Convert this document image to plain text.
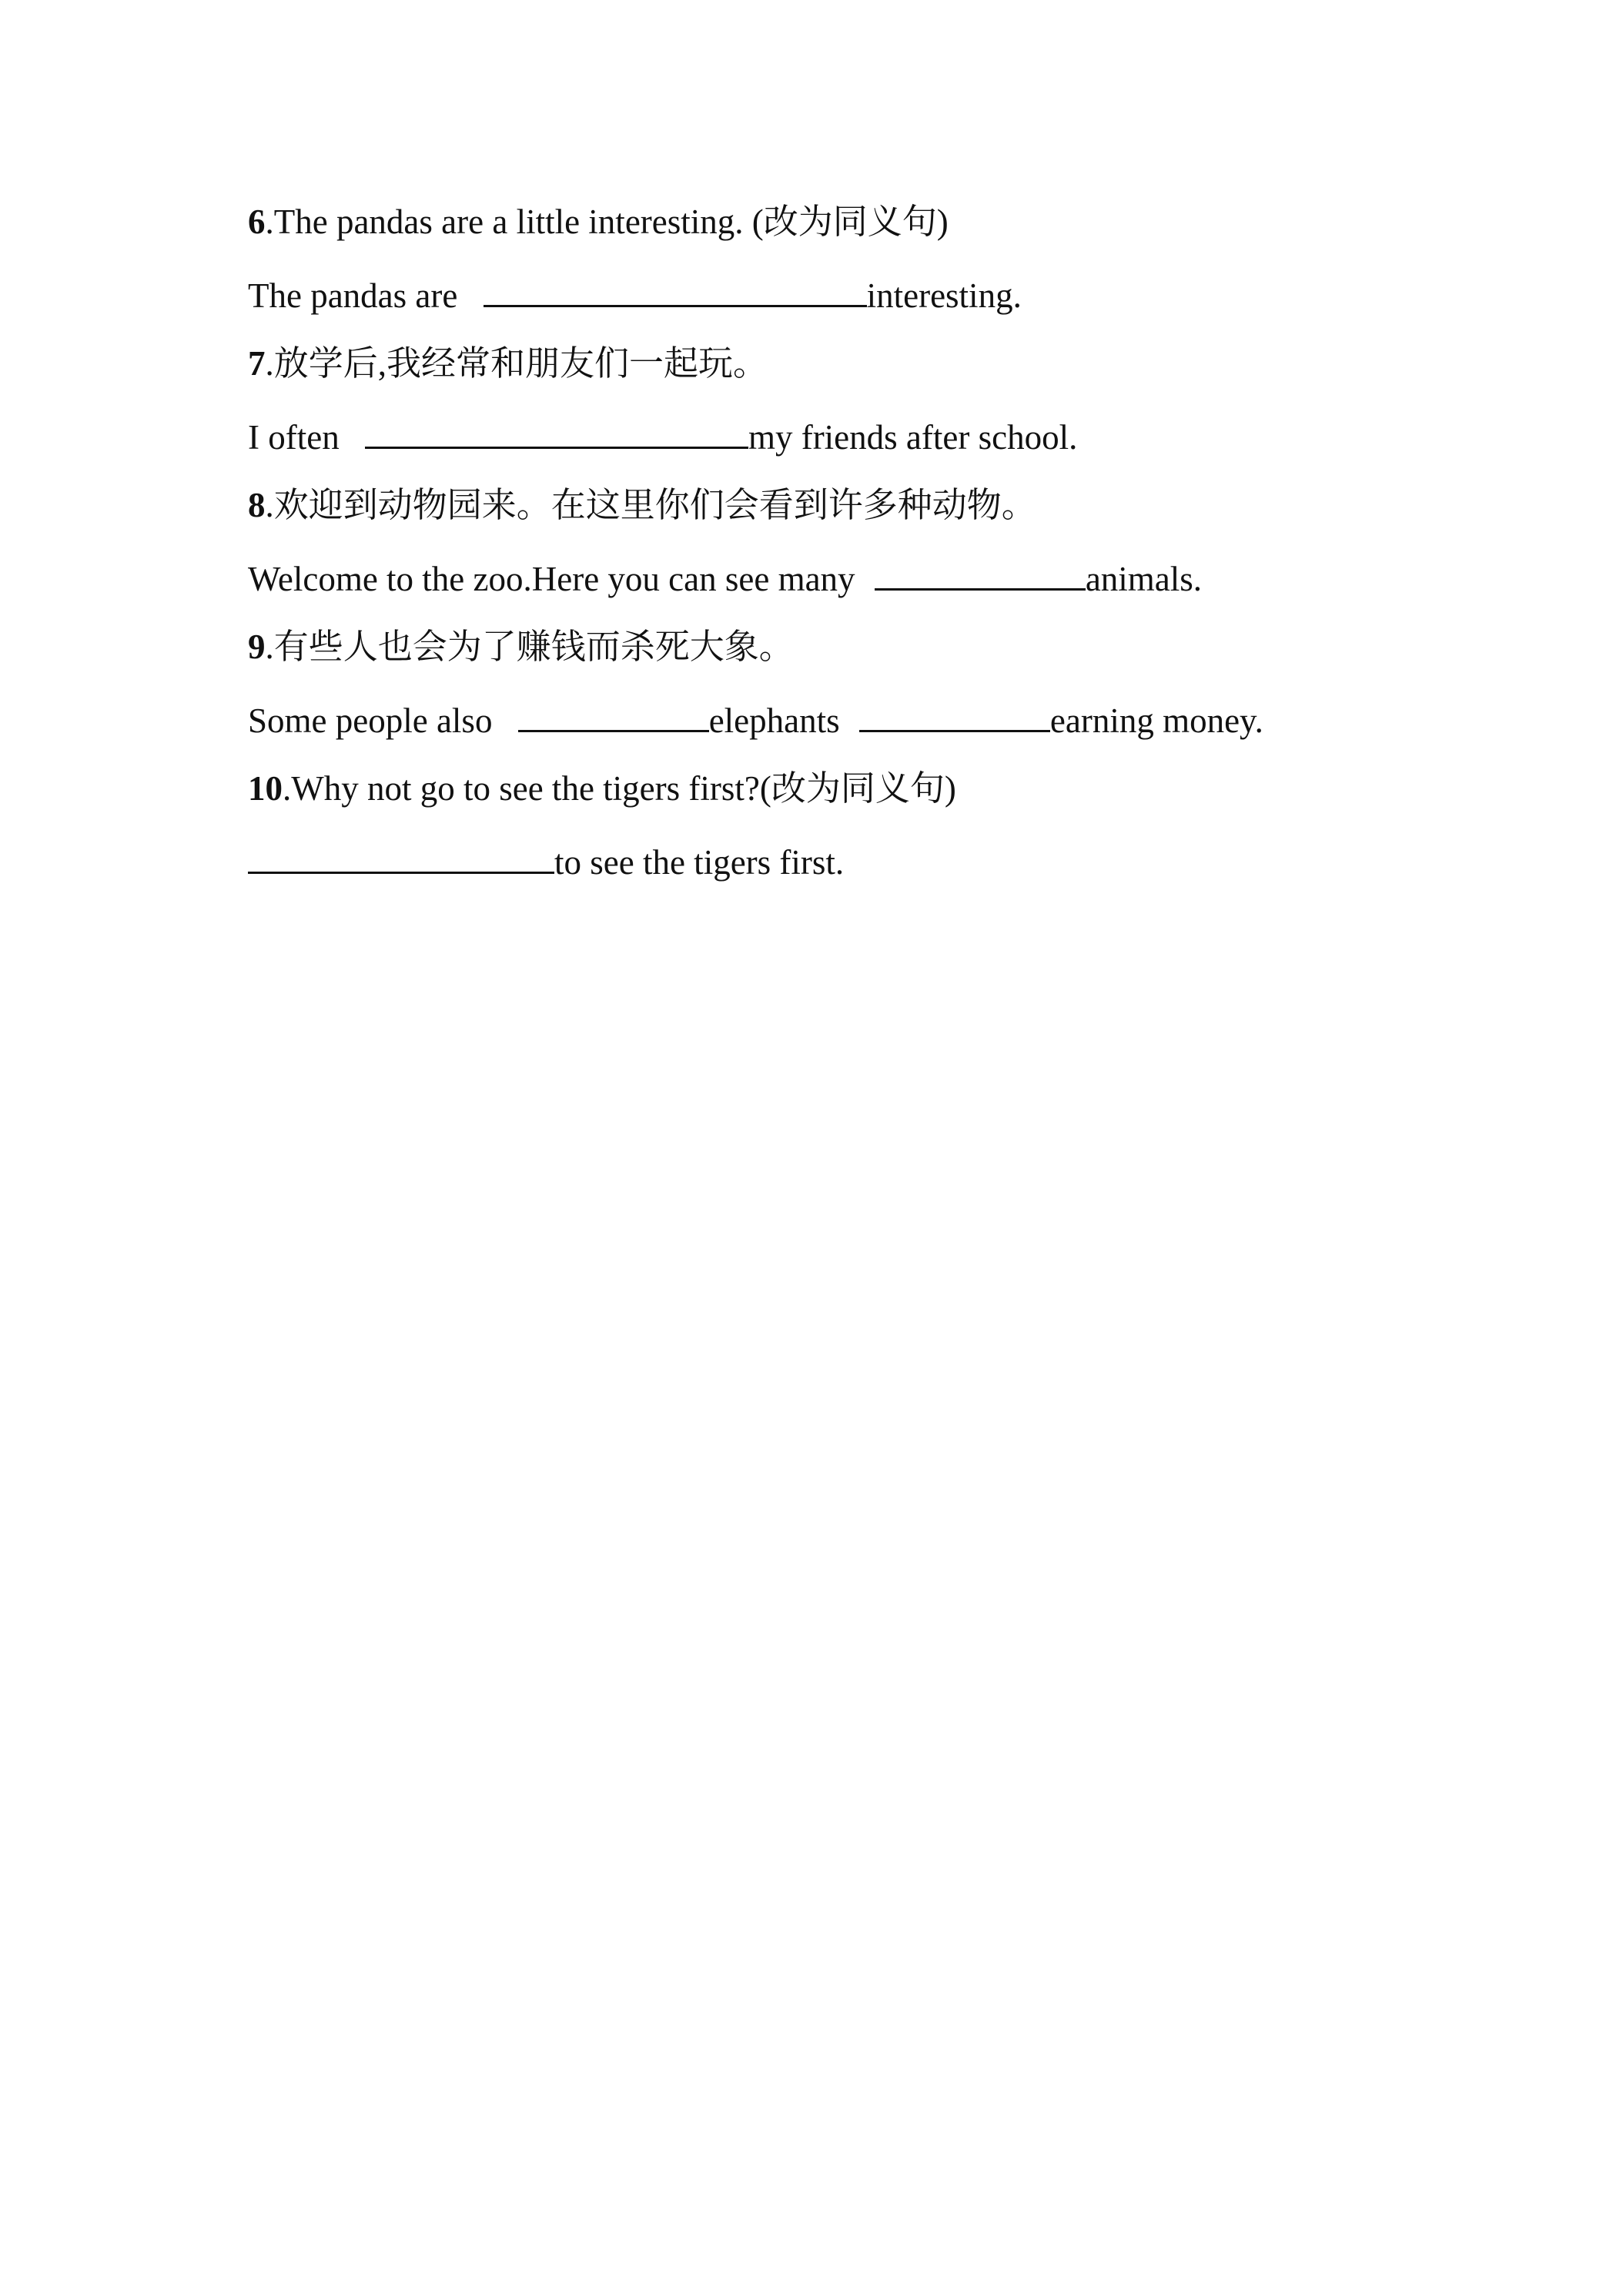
6.The pandas are a little interesting. (改为同义句)
The pandas are	interesting.
7.放学后,我经常和朋友们一起玩。
I often	my friends after school.
8.欢迎到动物园来。在这里你们会看到许多种动物。
Welcome to the zoo.Here you can see many	animals.
9.有些人也会为了赚钱而杀死大象。
Some people also	elephants	earning money.
10.Why not go to see the tigers first?(改为同义句)
to see the tigers first.
